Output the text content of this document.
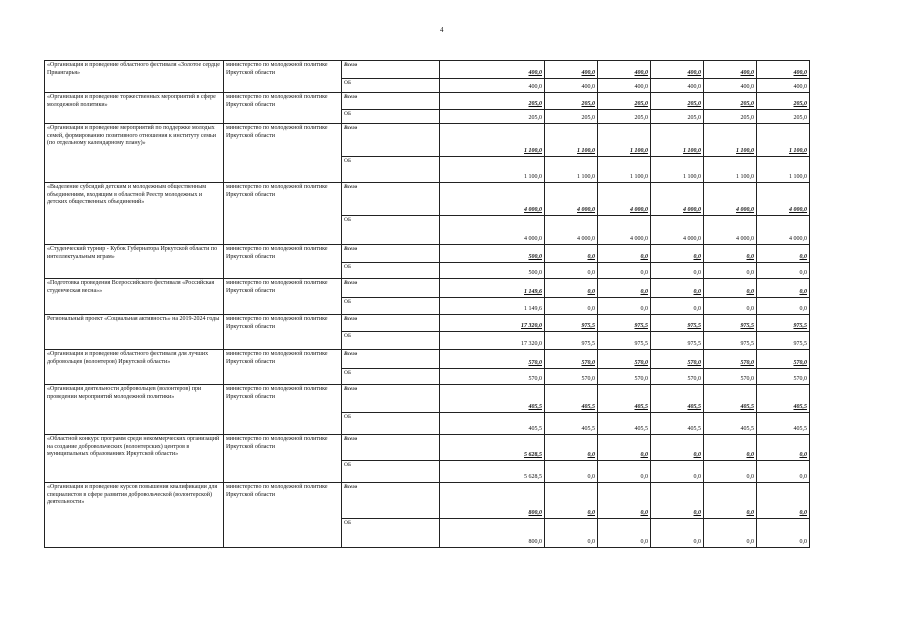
4
«Организация и проведение областного фестиваля «Золотое сердце Приангарья»	министерство по молодежной политике Иркутской области	Всего	400,0	400,0	400,0	400,0	400,0	400,0
		ОБ	400,0	400,0	400,0	400,0	400,0	400,0
«Организация и проведение торжественных мероприятий в сфере молодежной политики»	министерство по молодежной политике Иркутской области	Всего	205,0	205,0	205,0	205,0	205,0	205,0
		ОБ	205,0	205,0	205,0	205,0	205,0	205,0
«Организация и проведение мероприятий по поддержке молодых семей, формированию позитивного отношения к институту семьи (по отдельному календарному плану)»	министерство по молодежной политике Иркутской области	Всего	1 100,0	1 100,0	1 100,0	1 100,0	1 100,0	1 100,0
		ОБ	1 100,0	1 100,0	1 100,0	1 100,0	1 100,0	1 100,0
«Выделение субсидий детским и молодежным общественным объединениям, входящим в областной Реестр молодежных и детских общественных объединений»	министерство по молодежной политике Иркутской области	Всего	4 000,0	4 000,0	4 000,0	4 000,0	4 000,0	4 000,0
		ОБ	4 000,0	4 000,0	4 000,0	4 000,0	4 000,0	4 000,0
«Студенческий турнир - Кубок Губернатора Иркутской области по интеллектуальным играм»	министерство по молодежной политике Иркутской области	Всего	500,0	0,0	0,0	0,0	0,0	0,0
		ОБ	500,0	0,0	0,0	0,0	0,0	0,0
«Подготовка проведения Всероссийского фестиваля «Российская студенческая весна»»	министерство по молодежной политике Иркутской области	Всего	1 149,6	0,0	0,0	0,0	0,0	0,0
		ОБ	1 149,6	0,0	0,0	0,0	0,0	0,0
Региональный проект «Социальная активность» на 2019-2024 годы	министерство по молодежной политике Иркутской области	Всего	17 320,0	975,5	975,5	975,5	975,5	975,5
		ОБ	17 320,0	975,5	975,5	975,5	975,5	975,5
«Организация и проведение областного фестиваля для лучших добровольцев (волонтеров) Иркутской области»	министерство по молодежной политике Иркутской области	Всего	570,0	570,0	570,0	570,0	570,0	570,0
		ОБ	570,0	570,0	570,0	570,0	570,0	570,0
«Организация деятельности добровольцев (волонтеров) при проведении мероприятий молодежной политики»	министерство по молодежной политике Иркутской области	Всего	405,5	405,5	405,5	405,5	405,5	405,5
		ОБ	405,5	405,5	405,5	405,5	405,5	405,5
«Областной конкурс программ среди некоммерческих организаций на создание добровольческих (волонтерских) центров в муниципальных образованиях Иркутской области»	министерство по молодежной политике Иркутской области	Всего	5 628,5	0,0	0,0	0,0	0,0	0,0
		ОБ	5 628,5	0,0	0,0	0,0	0,0	0,0
«Организация и проведение курсов повышения квалификации для специалистов в сфере развития добровольческой (волонтерской) деятельности»	министерство по молодежной политике Иркутской области	Всего	800,0	0,0	0,0	0,0	0,0	0,0
		ОБ	800,0	0,0	0,0	0,0	0,0	0,0
